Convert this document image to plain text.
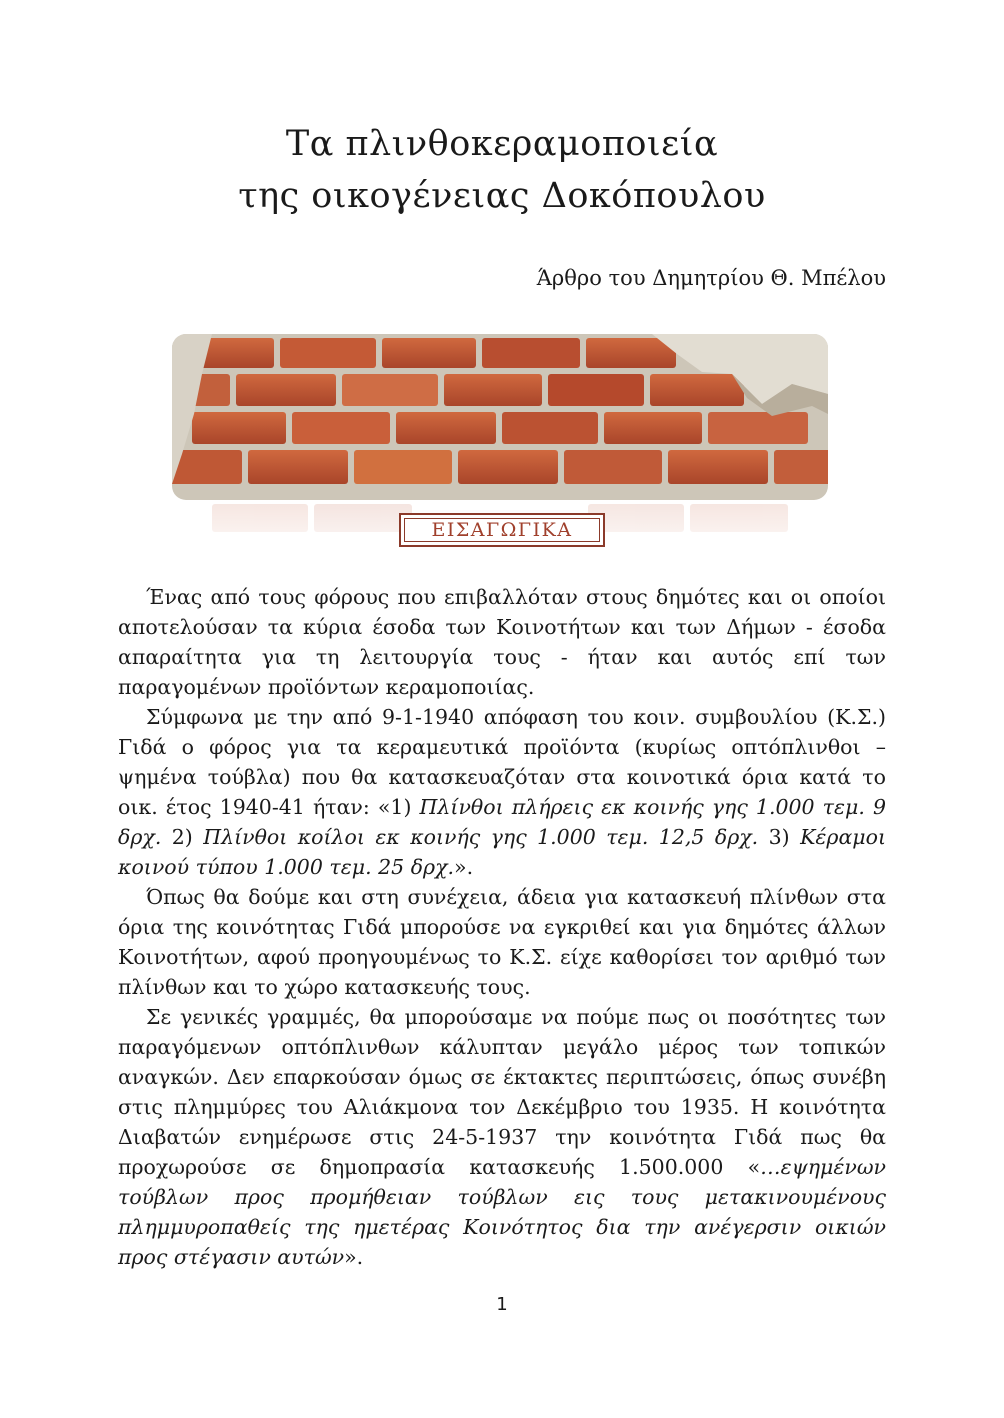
Τα πλινθοκεραμοποιεία
της οικογένειας Δοκόπουλου
Άρθρο του Δημητρίου Θ. Μπέλου
ΕΙΣΑΓΩΓΙΚΑ

Ένας από τους φόρους που επιβαλλόταν στους δημότες και οι οποίοι αποτελούσαν τα κύρια έσοδα των Κοινοτήτων και των Δήμων - έσοδα απαραίτητα για τη λειτουργία τους - ήταν και αυτός επί των παραγομένων προϊόντων κεραμοποιίας.

Σύμφωνα με την από 9-1-1940 απόφαση του κοιν. συμβουλίου (Κ.Σ.) Γιδά ο φόρος για τα κεραμευτικά προϊόντα (κυρίως οπτόπλινθοι – ψημένα τούβλα) που θα κατασκευαζόταν στα κοινοτικά όρια κατά το οικ. έτος 1940-41 ήταν: «1) Πλίνθοι πλήρεις εκ κοινής γης 1.000 τεμ. 9 δρχ. 2) Πλίνθοι κοίλοι εκ κοινής γης 1.000 τεμ. 12,5 δρχ. 3) Κέραμοι κοινού τύπου 1.000 τεμ. 25 δρχ.».

Όπως θα δούμε και στη συνέχεια, άδεια για κατασκευή πλίνθων στα όρια της κοινότητας Γιδά μπορούσε να εγκριθεί και για δημότες άλλων Κοινοτήτων, αφού προηγουμένως το Κ.Σ. είχε καθορίσει τον αριθμό των πλίνθων και το χώρο κατασκευής τους.

Σε γενικές γραμμές, θα μπορούσαμε να πούμε πως οι ποσότητες των παραγόμενων οπτόπλινθων κάλυπταν μεγάλο μέρος των τοπικών αναγκών. Δεν επαρκούσαν όμως σε έκτακτες περιπτώσεις, όπως συνέβη στις πλημμύρες του Αλιάκμονα τον Δεκέμβριο του 1935. Η κοινότητα Διαβατών ενημέρωσε στις 24-5-1937 την κοινότητα Γιδά πως θα προχωρούσε σε δημοπρασία κατασκευής 1.500.000 «…εψημένων τούβλων προς προμήθειαν τούβλων εις τους μετακινουμένους πλημμυροπαθείς της ημετέρας Κοινότητος δια την ανέγερσιν οικιών προς στέγασιν αυτών».

1
